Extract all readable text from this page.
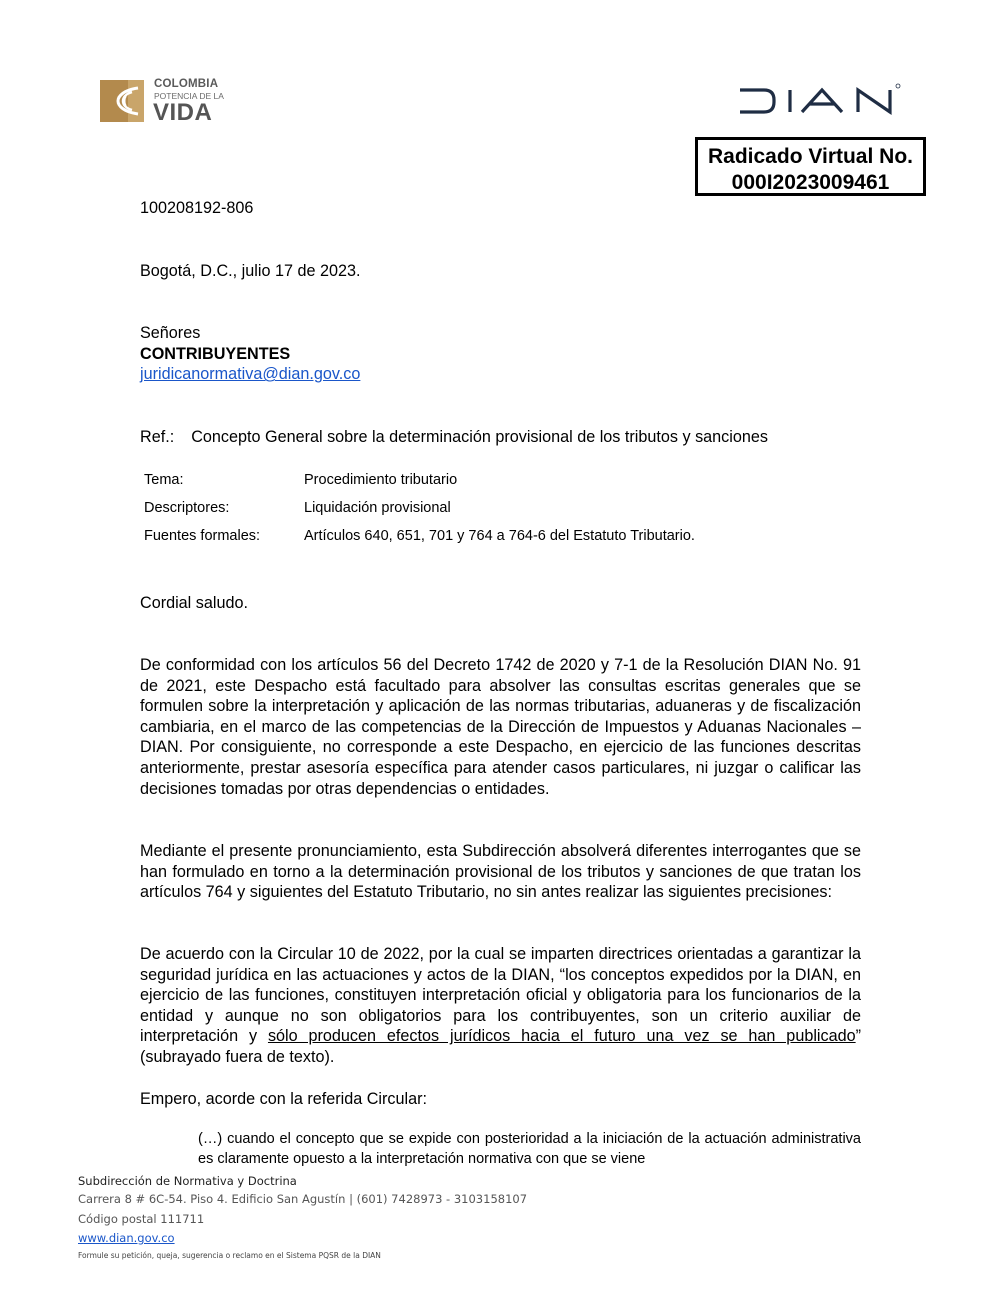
COLOMBIA
POTENCIA DE LA
VIDA
Radicado Virtual No.
000I2023009461
100208192-806
Bogotá, D.C., julio 17 de 2023.
Señores
CONTRIBUYENTES
juridicanormativa@dian.gov.co
Ref.: Concepto General sobre la determinación provisional de los tributos y sanciones
Tema:	Procedimiento tributario
Descriptores:	Liquidación provisional
Fuentes formales:	Artículos 640, 651, 701 y 764 a 764-6 del Estatuto Tributario.
Cordial saludo.

De conformidad con los artículos 56 del Decreto 1742 de 2020 y 7-1 de la Resolución DIAN No. 91 de 2021, este Despacho está facultado para absolver las consultas escritas generales que se formulen sobre la interpretación y aplicación de las normas tributarias, aduaneras y de fiscalización cambiaria, en el marco de las competencias de la Dirección de Impuestos y Aduanas Nacionales – DIAN. Por consiguiente, no corresponde a este Despacho, en ejercicio de las funciones descritas anteriormente, prestar asesoría específica para atender casos particulares, ni juzgar o calificar las decisiones tomadas por otras dependencias o entidades.

Mediante el presente pronunciamiento, esta Subdirección absolverá diferentes interrogantes que se han formulado en torno a la determinación provisional de los tributos y sanciones de que tratan los artículos 764 y siguientes del Estatuto Tributario, no sin antes realizar las siguientes precisiones:

De acuerdo con la Circular 10 de 2022, por la cual se imparten directrices orientadas a garantizar la seguridad jurídica en las actuaciones y actos de la DIAN, “los conceptos expedidos por la DIAN, en ejercicio de las funciones, constituyen interpretación oficial y obligatoria para los funcionarios de la entidad y aunque no son obligatorios para los contribuyentes, son un criterio auxiliar de interpretación y sólo producen efectos jurídicos hacia el futuro una vez se han publicado” (subrayado fuera de texto).

Empero, acorde con la referida Circular:
(…) cuando el concepto que se expide con posterioridad a la iniciación de la actuación administrativa es claramente opuesto a la interpretación normativa con que se viene
Subdirección de Normativa y Doctrina
Carrera 8 # 6C-54. Piso 4. Edificio San Agustín | (601) 7428973 - 3103158107
Código postal 111711
www.dian.gov.co
Formule su petición, queja, sugerencia o reclamo en el Sistema PQSR de la DIAN
